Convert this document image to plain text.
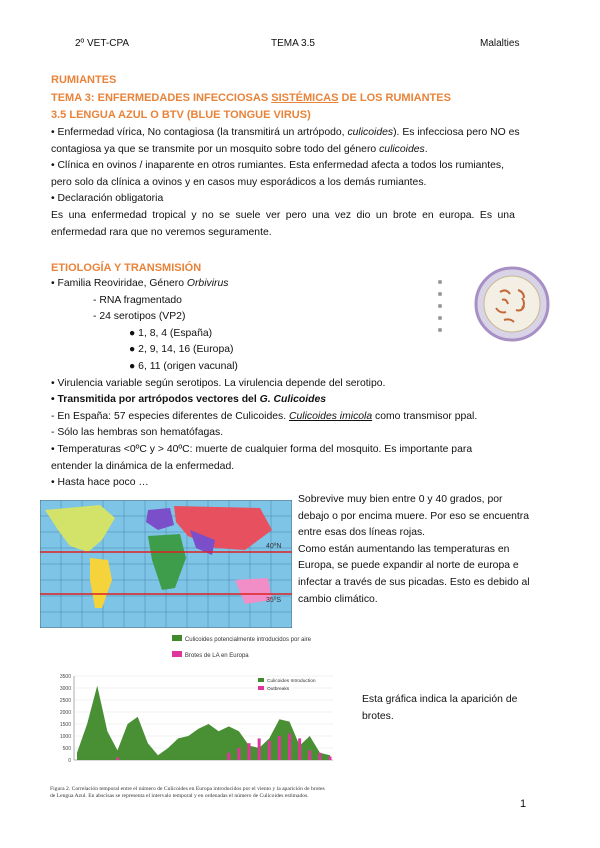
2º VET-CPA	TEMA 3.5	Malalties
RUMIANTES
TEMA 3: ENFERMEDADES INFECCIOSAS SISTÉMICAS DE LOS RUMIANTES
3.5 LENGUA AZUL O BTV (BLUE TONGUE VIRUS)
• Enfermedad vírica, No contagiosa (la transmitirá un artrópodo, culicoides). Es infecciosa pero NO es
contagiosa ya que se transmite por un mosquito sobre todo del género culicoides.
• Clínica en ovinos / inaparente en otros rumiantes. Esta enfermedad afecta a todos los rumiantes,
pero solo da clínica a ovinos y en casos muy esporádicos a los demás rumiantes.
• Declaración obligatoria
Es una enfermedad tropical y no se suele ver pero una vez dio un brote en europa. Es una
enfermedad rara que no veremos seguramente.
ETIOLOGÍA Y TRANSMISIÓN
• Familia Reoviridae, Género Orbivirus
- RNA fragmentado
- 24 serotipos (VP2)
● 1, 8, 4 (España)
● 2, 9, 14, 16 (Europa)
● 6, 11 (origen vacunal)
• Virulencia variable según serotipos. La virulencia depende del serotipo.
• Transmitida por artrópodos vectores del G. Culicoides
- En España: 57 especies diferentes de Culicoides. Culicoides imicola como transmisor ppal.
- Sólo las hembras son hematófagas.
• Temperaturas <0ºC y > 40ºC: muerte de cualquier forma del mosquito. Es importante para
entender la dinámica de la enfermedad.
• Hasta hace poco …
40ºN
35ºS
Sobrevive muy bien entre 0 y 40 grados, por
debajo o por encima muere. Por eso se encuentra
entre esas dos líneas rojas.
Como están aumentando las temperaturas en
Europa, se puede expandir al norte de europa e
infectar a través de sus picadas. Esto es debido al
cambio climático.
Culicoides potencialmente introducidos por aire
Brotes de LA en Europa
3500
3000
2500
2000
1500
1000
500
0
Culicoides Introduction
Outbreaks
Esta gráfica indica la aparición de
brotes.
Figura 2. Correlación temporal entre el número de Culicoides en Europa introducidos por el viento y la aparición de brotes de Lengua Azul. En abscisas se representa el intervalo temporal y en ordenadas el número de Culicoides estimados.
1
